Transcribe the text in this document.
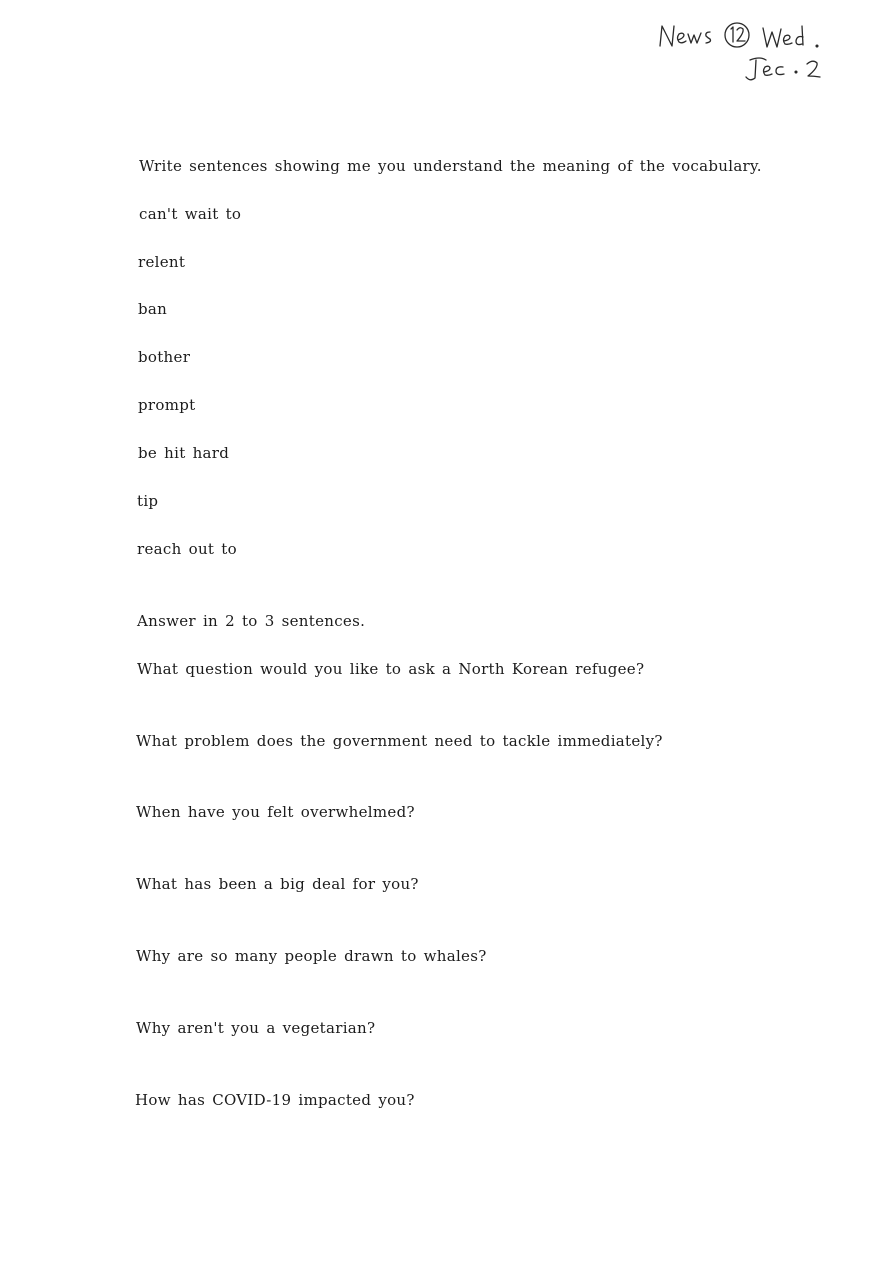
Write sentences showing me you understand the meaning of the vocabulary.
can't wait to
relent
ban
bother
prompt
be hit hard
tip
reach out to
Answer in 2 to 3 sentences.
What question would you like to ask a North Korean refugee?
What problem does the government need to tackle immediately?
When have you felt overwhelmed?
What has been a big deal for you?
Why are so many people drawn to whales?
Why aren't you a vegetarian?
How has COVID-19 impacted you?
